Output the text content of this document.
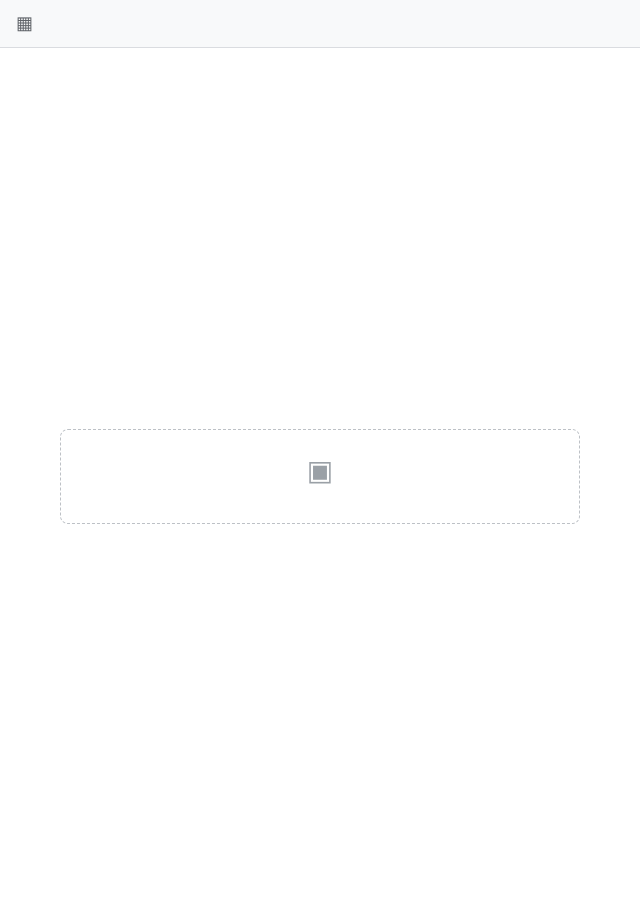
▦
▣
